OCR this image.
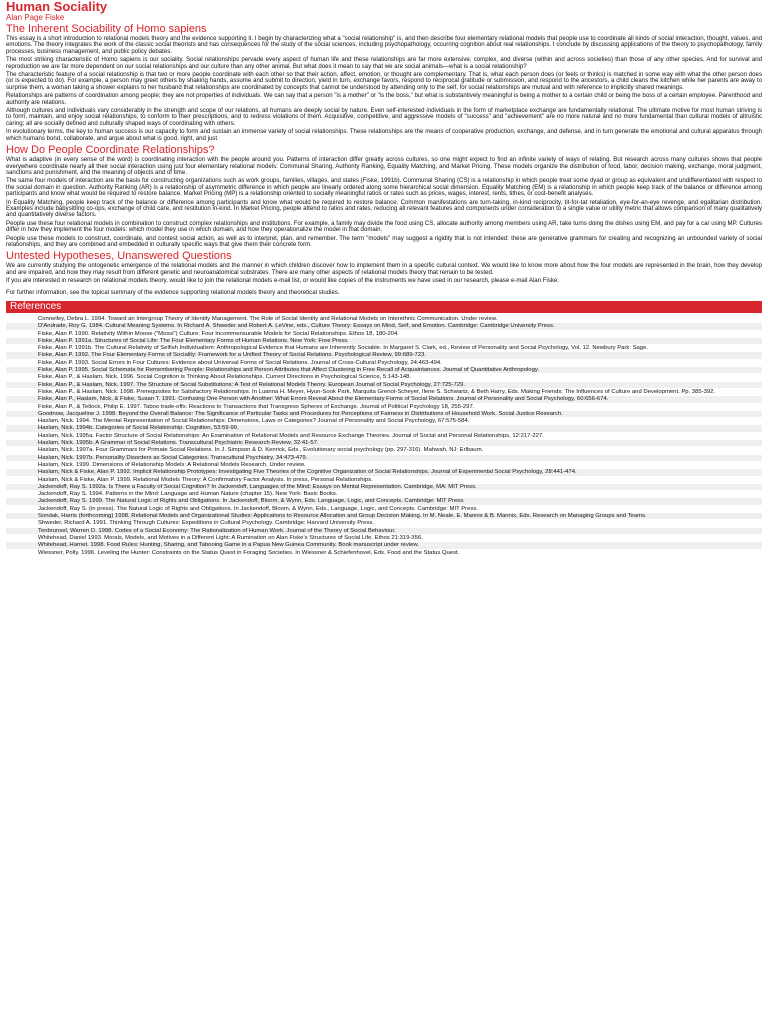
Human Sociality
Alan Page Fiske
The Inherent Sociability of Homo sapiens

This essay is a short introduction to relational models theory and the evidence supporting it. I begin by characterizing what a "social relationship" is, and then describe four elementary relational models that people use to coordinate all kinds of social interaction, thought, values, and emotions. The theory integrates the work of the classic social theorists and has consequences for the study of the social sciences, including psychopathology, occurring cognition about real relationships. I conclude by discussing applications of the theory to psychopathology, family processes, business management, and public policy debates.

The most striking characteristic of Homo sapiens is our sociality. Social relationships pervade every aspect of human life and these relationships are far more extensive, complex, and diverse (within and across societies) than those of any other species. And for survival and reproduction we are far more dependent on our social relationships and our culture than any other animal. But what does it mean to say that we are social animals—what is a social relationship?

The characteristic feature of a social relationship is that two or more people coordinate with each other so that their action, affect, emotion, or thought are complementary. That is, what each person does (or feels or thinks) is matched in some way with what the other person does (or is expected to do). For example, a person may greet others by shaking hands, assume and submit to direction, yield in turn, exchange favors, respond to reciprocal gratitude or submission, and respond to the ancestors, a child cleans the kitchen while her parents are away to surprise them, a woman taking a shower explains to her husband that relationships are coordinated by concepts that cannot be understood by attending only to the self, for social relationships are mutual and with reference to implicitly shared meanings.

Relationships are patterns of coordination among people; they are not properties of individuals. We can say that a person "is a mother" or "is the boss," but what is substantively meaningful is being a mother to a certain child or being the boss of a certain employee. Parenthood and authority are relations.

Although cultures and individuals vary considerably in the strength and scope of our relations, all humans are deeply social by nature. Even self-interested individuals in the form of marketplace exchange are fundamentally relational. The ultimate motive for most human striving is to form, maintain, and enjoy social relationships, to conform to their prescriptions, and to redress violations of them. Acquisitive, competitive, and aggressive models of "success" and "achievement" are no more natural and no more fundamental than cultural models of altruistic caring; all are socially defined and culturally shaped ways of coordinating with others.

In evolutionary terms, the key to human success is our capacity to form and sustain an immense variety of social relationships. These relationships are the means of cooperative production, exchange, and defense, and in turn generate the emotional and cultural apparatus through which humans bond, collaborate, and argue about what is good, right, and just.

How Do People Coordinate Relationships?

What is adaptive (in every sense of the word) is coordinating interaction with the people around you. Patterns of interaction differ greatly across cultures, so one might expect to find an infinite variety of ways of relating. But research across many cultures shows that people everywhere coordinate nearly all their social interaction using just four elementary relational models: Communal Sharing, Authority Ranking, Equality Matching, and Market Pricing. These models organize the distribution of food, labor, decision making, exchange, moral judgment, sanctions and punishment, and the meaning of objects and of time.

The same four models of interaction are the basis for constructing organizations such as work groups, families, villages, and states (Fiske, 1991b). Communal Sharing (CS) is a relationship in which people treat some dyad or group as equivalent and undifferentiated with respect to the social domain in question. Authority Ranking (AR) is a relationship of asymmetric difference in which people are linearly ordered along some hierarchical social dimension. Equality Matching (EM) is a relationship in which people keep track of the balance or difference among participants and know what would be required to restore balance. Market Pricing (MP) is a relationship oriented to socially meaningful ratios or rates such as prices, wages, interest, rents, tithes, or cost-benefit analyses.

In Equality Matching, people keep track of the balance or difference among participants and know what would be required to restore balance. Common manifestations are turn-taking, in-kind reciprocity, tit-for-tat retaliation, eye-for-an-eye revenge, and egalitarian distribution. Examples include babysitting co-ops, exchange of child care, and restitution in-kind. In Market Pricing, people attend to ratios and rates, reducing all relevant features and components under consideration to a single value or utility metric that allows comparison of many qualitatively and quantitatively diverse factors.

People use these four relational models in combination to construct complex relationships and institutions. For example, a family may divide the food using CS, allocate authority among members using AR, take turns doing the dishes using EM, and pay for a car using MP. Cultures differ in how they implement the four models: which model they use in which domain, and how they operationalize the model in that domain.

People use these models to construct, coordinate, and contest social action, as well as to interpret, plan, and remember. The term "models" may suggest a rigidity that is not intended: these are generative grammars for creating and recognizing an unbounded variety of social relationships, and they are combined and embedded in culturally specific ways that give them their concrete form.

Untested Hypotheses, Unanswered Questions

We are currently studying the ontogenetic emergence of the relational models and the manner in which children discover how to implement them in a specific cultural context. We would like to know more about how the four models are represented in the brain, how they develop and are impaired, and how they may result from different genetic and neuroanatomical substrates. There are many other aspects of relational models theory that remain to be tested.

If you are interested in research on relational models theory, would like to join the relational models e-mail list, or would like copies of the instruments we have used in our research, please e-mail Alan Fiske.

For further information, see the topical summary of the evidence supporting relational models theory and theoretical studies.

References
Connelley, Debra L. 1994. Toward an Intergroup Theory of Identity Management. The Role of Social Identity and Relational Models on Interethnic Communication. Under review.
D'Andrade, Roy G. 1984. Cultural Meaning Systems. In Richard A. Shweder and Robert A. LeVine, eds., Culture Theory: Essays on Mind, Self, and Emotion. Cambridge: Cambridge University Press.
Fiske, Alan P. 1990. Relativity Within Moose ("Mossi") Culture: Four Incommensurable Models for Social Relationships. Ethos 18, 180-204.
Fiske, Alan P. 1991a. Structures of Social Life: The Four Elementary Forms of Human Relations. New York: Free Press.
Fiske, Alan P. 1991b. The Cultural Relativity of Selfish Individualism: Anthropological Evidence that Humans are Inherently Sociable. In Margaret S. Clark, ed., Review of Personality and Social Psychology, Vol. 12. Newbury Park: Sage.
Fiske, Alan P. 1992. The Four Elementary Forms of Sociality: Framework for a Unified Theory of Social Relations. Psychological Review, 99:689-723.
Fiske, Alan P. 1993. Social Errors in Four Cultures: Evidence about Universal Forms of Social Relations. Journal of Cross-Cultural Psychology, 24:463-494.
Fiske, Alan P. 1995. Social Schemata for Remembering People: Relationships and Person Attributes that Affect Clustering in Free Recall of Acquaintances. Journal of Quantitative Anthropology.
Fiske, Alan P., & Haslam, Nick. 1996. Social Cognition is Thinking About Relationships. Current Directions in Psychological Science, 5:143-148.
Fiske, Alan P., & Haslam, Nick. 1997. The Structure of Social Substitutions: A Test of Relational Models Theory. European Journal of Social Psychology, 27:725-729.
Fiske, Alan P., & Haslam, Nick. 1998. Prerequisites for Satisfactory Relationships. In Luanna H. Meyer, Hyun-Sook Park, Marquita Grenot-Scheyer, Ilene S. Schwartz, & Beth Harry, Eds. Making Friends: The Influences of Culture and Development. Pp. 385-392.
Fiske, Alan P., Haslam, Nick, & Fiske, Susan T. 1991. Confusing One Person with Another: What Errors Reveal About the Elementary Forms of Social Relations. Journal of Personality and Social Psychology, 60:656-674.
Fiske, Alan P., & Tetlock, Philip E. 1997. Taboo trade-offs: Reactions to Transactions that Transgress Spheres of Exchange. Journal of Political Psychology 18, 255-297.
Goodnow, Jacqueline J. 1998. Beyond the Overall Balance: The Significance of Particular Tasks and Procedures for Perceptions of Fairness in Distributions of Household Work. Social Justice Research.
Haslam, Nick. 1994. The Mental Representation of Social Relationships: Dimensions, Laws or Categories? Journal of Personality and Social Psychology, 67:575-584.
Haslam, Nick. 1994b. Categories of Social Relationship. Cognition, 53:59-90.
Haslam, Nick. 1995a. Factor Structure of Social Relationships: An Examination of Relational Models and Resource Exchange Theories. Journal of Social and Personal Relationships, 12:217-227.
Haslam, Nick. 1995b. A Grammar of Social Relations. Transcultural Psychiatric Research Review, 32:41-57.
Haslam, Nick. 1997a. Four Grammars for Primate Social Relations. In J. Simpson & D. Kenrick, Eds., Evolutionary social psychology (pp. 297-316). Mahwah, NJ: Erlbaum.
Haslam, Nick. 1997b. Personality Disorders as Social Categories. Transcultural Psychiatry, 34:473-479.
Haslam, Nick. 1999. Dimensions of Relationship Models: A Relational Models Research. Under review.
Haslam, Nick & Fiske, Alan P. 1992. Implicit Relationship Prototypes: Investigating Five Theories of the Cognitive Organization of Social Relationships. Journal of Experimental Social Psychology, 28:441-474.
Haslam, Nick & Fiske, Alan P. 1999. Relational Models Theory: A Confirmatory Factor Analysis. In press, Personal Relationships.
Jackendoff, Ray S. 1992a. Is There a Faculty of Social Cognition? In Jackendoff, Languages of the Mind: Essays on Mental Representation. Cambridge, MA: MIT Press.
Jackendoff, Ray S. 1994. Patterns in the Mind: Language and Human Nature (chapter 15). New York: Basic Books.
Jackendoff, Ray S. 1999. The Natural Logic of Rights and Obligations. In Jackendoff, Bloom, & Wynn, Eds. Language, Logic, and Concepts. Cambridge: MIT Press.
Jackendoff, Ray S. (in press). The Natural Logic of Rights and Obligations. In Jackendoff, Bloom, & Wynn, Eds., Language, Logic, and Concepts. Cambridge: MIT Press.
Sondak, Harris (forthcoming) 1998. Relational Models and Organizational Studies: Applications to Resource Allocation and Group Decision Making. In M. Neale, E. Mannix & B. Mannix, Eds. Research on Managing Groups and Teams.
Shweder, Richard A. 1991. Thinking Through Cultures: Expeditions in Cultural Psychology. Cambridge: Harvard University Press.
Tenbrunsel, Warren D. 1998. Codes of a Social Economy: The Rationalization of Human Work. Journal of the Theory of Social Behaviour.
Whitehead, Daniel 1993. Morals, Models, and Motives in a Different Light: A Rumination on Alan Fiske's Structures of Social Life. Ethos 21:319-356.
Whitehead, Harriet. 1998. Food Rules: Hunting, Sharing, and Tabooing Game in a Papua New Guinea Community. Book manuscript under review.
Wiessner, Polly. 1996. Leveling the Hunter: Constraints on the Status Quest in Foraging Societies. In Wiessner & Schiefenhovel, Eds. Food and the Status Quest.
